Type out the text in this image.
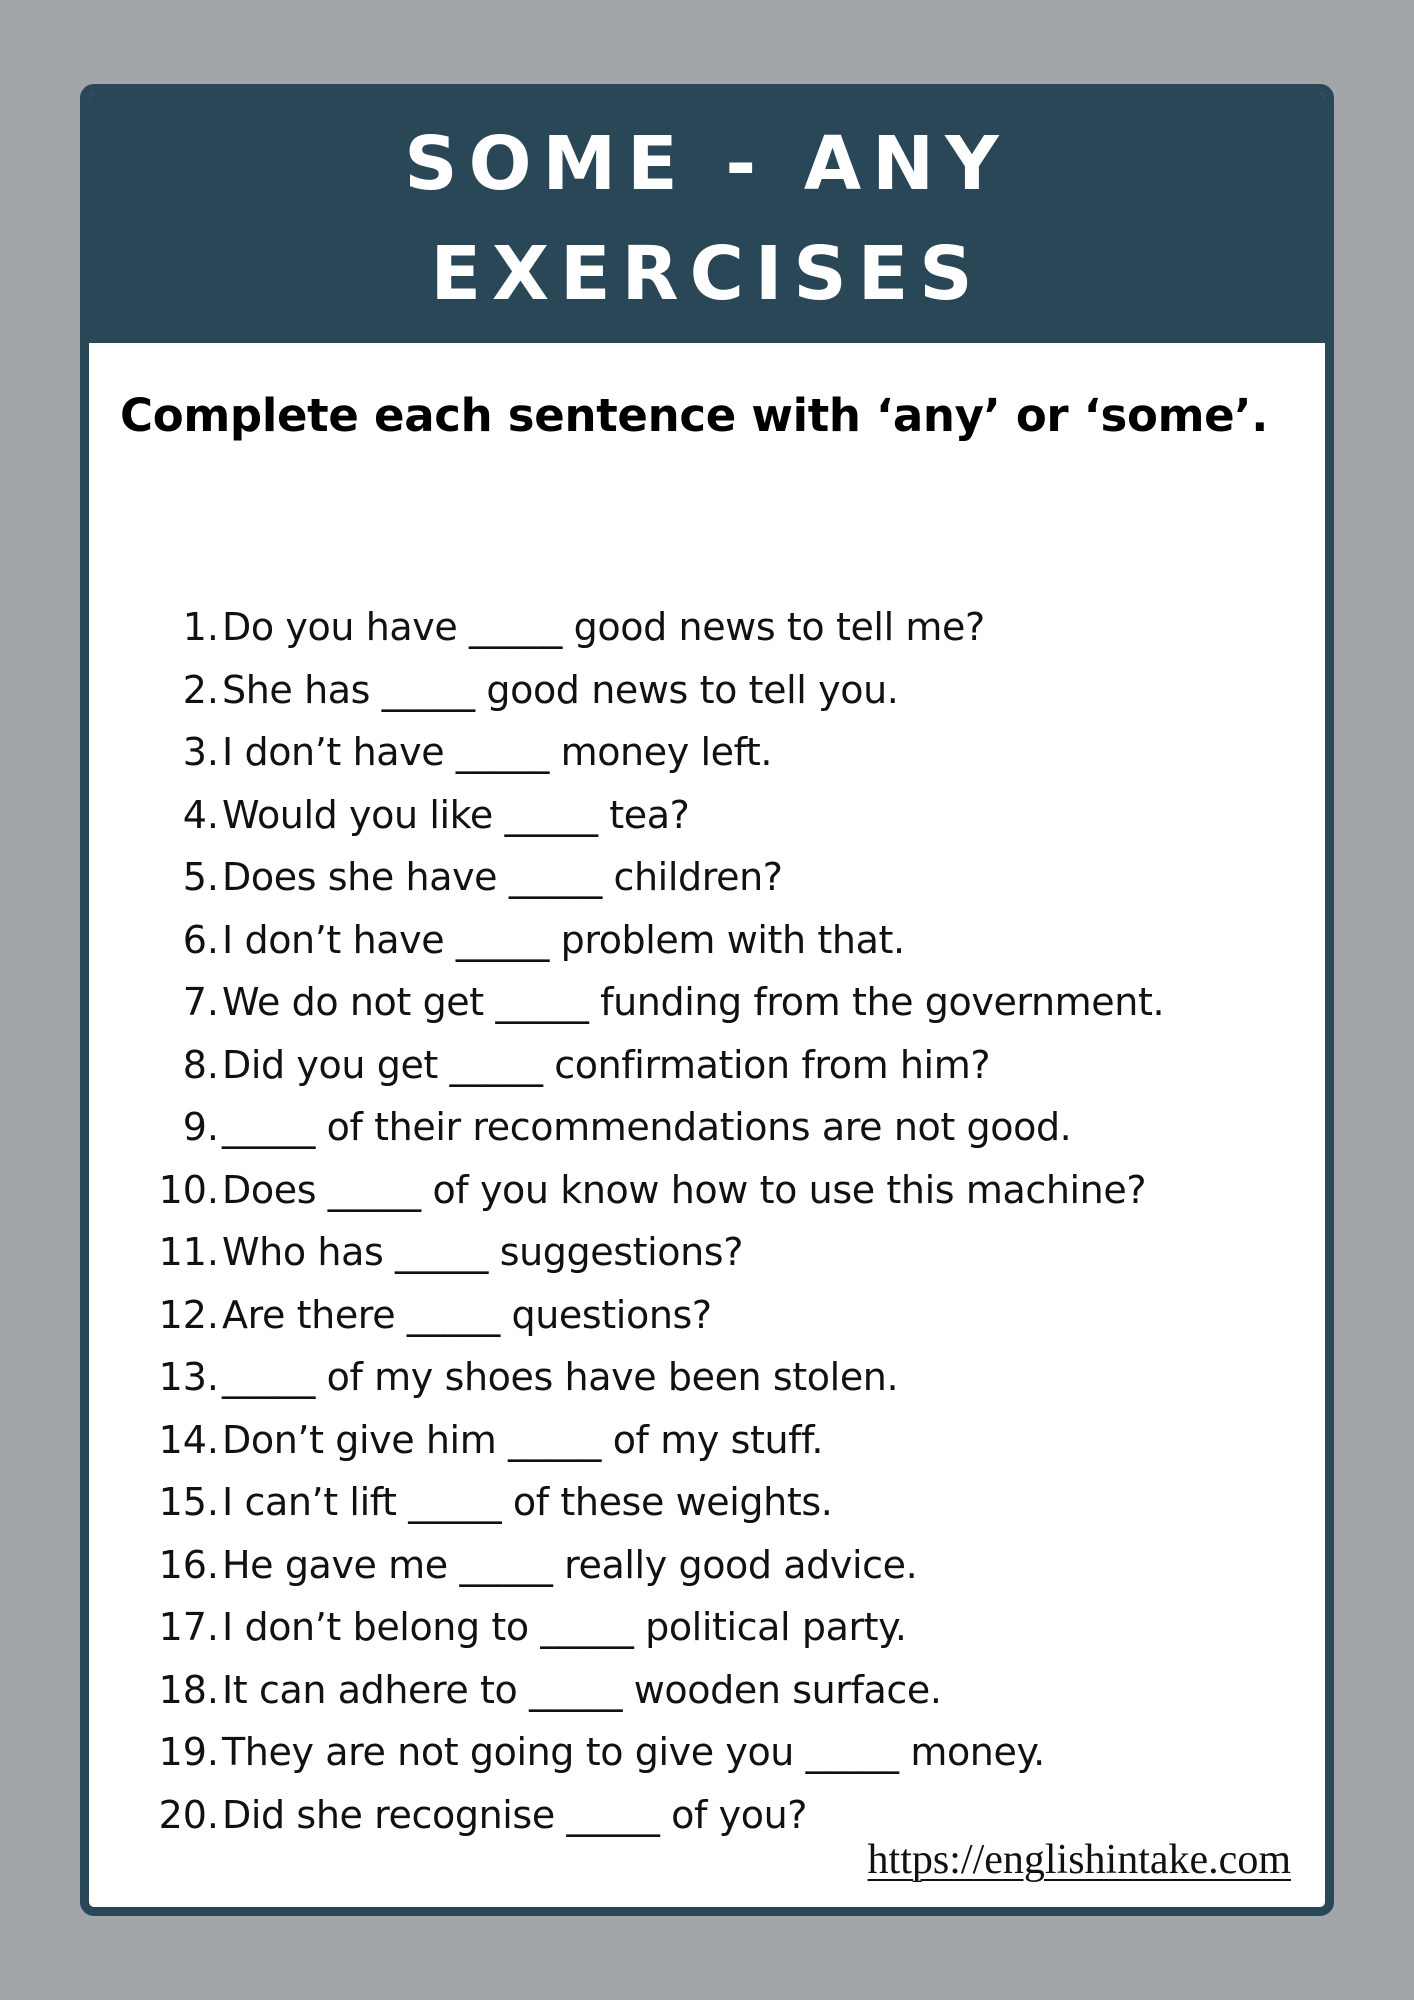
SOME - ANY
EXERCISES
Complete each sentence with ‘any’ or ‘some’.
1. Do you have _____ good news to tell me?
2. She has _____ good news to tell you.
3. I don’t have _____ money left.
4. Would you like _____ tea?
5. Does she have _____ children?
6. I don’t have _____ problem with that.
7. We do not get _____ funding from the government.
8. Did you get _____ confirmation from him?
9. _____ of their recommendations are not good.
10. Does _____ of you know how to use this machine?
11. Who has _____ suggestions?
12. Are there _____ questions?
13. _____ of my shoes have been stolen.
14. Don’t give him _____ of my stuff.
15. I can’t lift _____ of these weights.
16. He gave me _____ really good advice.
17. I don’t belong to _____ political party.
18. It can adhere to _____ wooden surface.
19. They are not going to give you _____ money.
20. Did she recognise _____ of you?
https://englishintake.com
